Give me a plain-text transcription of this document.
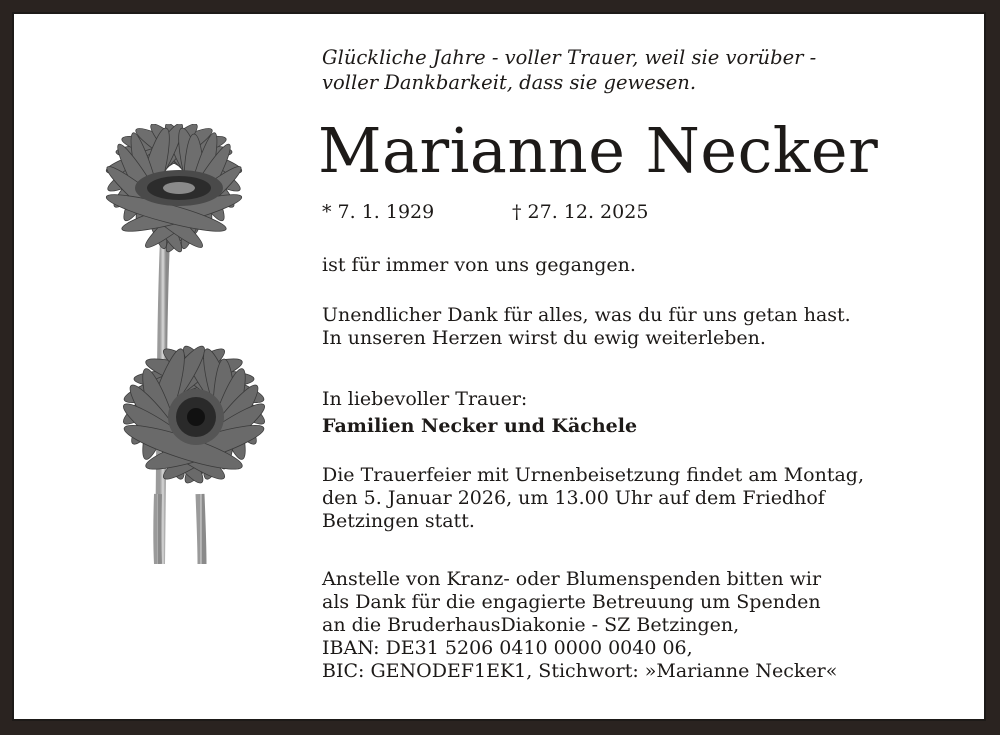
Glückliche Jahre - voller Trauer, weil sie vorüber -
voller Dankbarkeit, dass sie gewesen.
Marianne Necker
* 7. 1. 1929	† 27. 12. 2025
ist für immer von uns gegangen.
Unendlicher Dank für alles, was du für uns getan hast.
In unseren Herzen wirst du ewig weiterleben.
In liebevoller Trauer:
Familien Necker und Kächele
Die Trauerfeier mit Urnenbeisetzung findet am Montag,
den 5. Januar 2026, um 13.00 Uhr auf dem Friedhof
Betzingen statt.
Anstelle von Kranz- oder Blumenspenden bitten wir
als Dank für die engagierte Betreuung um Spenden
an die BruderhausDiakonie - SZ Betzingen,
IBAN: DE31 5206 0410 0000 0040 06,
BIC: GENODEF1EK1, Stichwort: »Marianne Necker«
